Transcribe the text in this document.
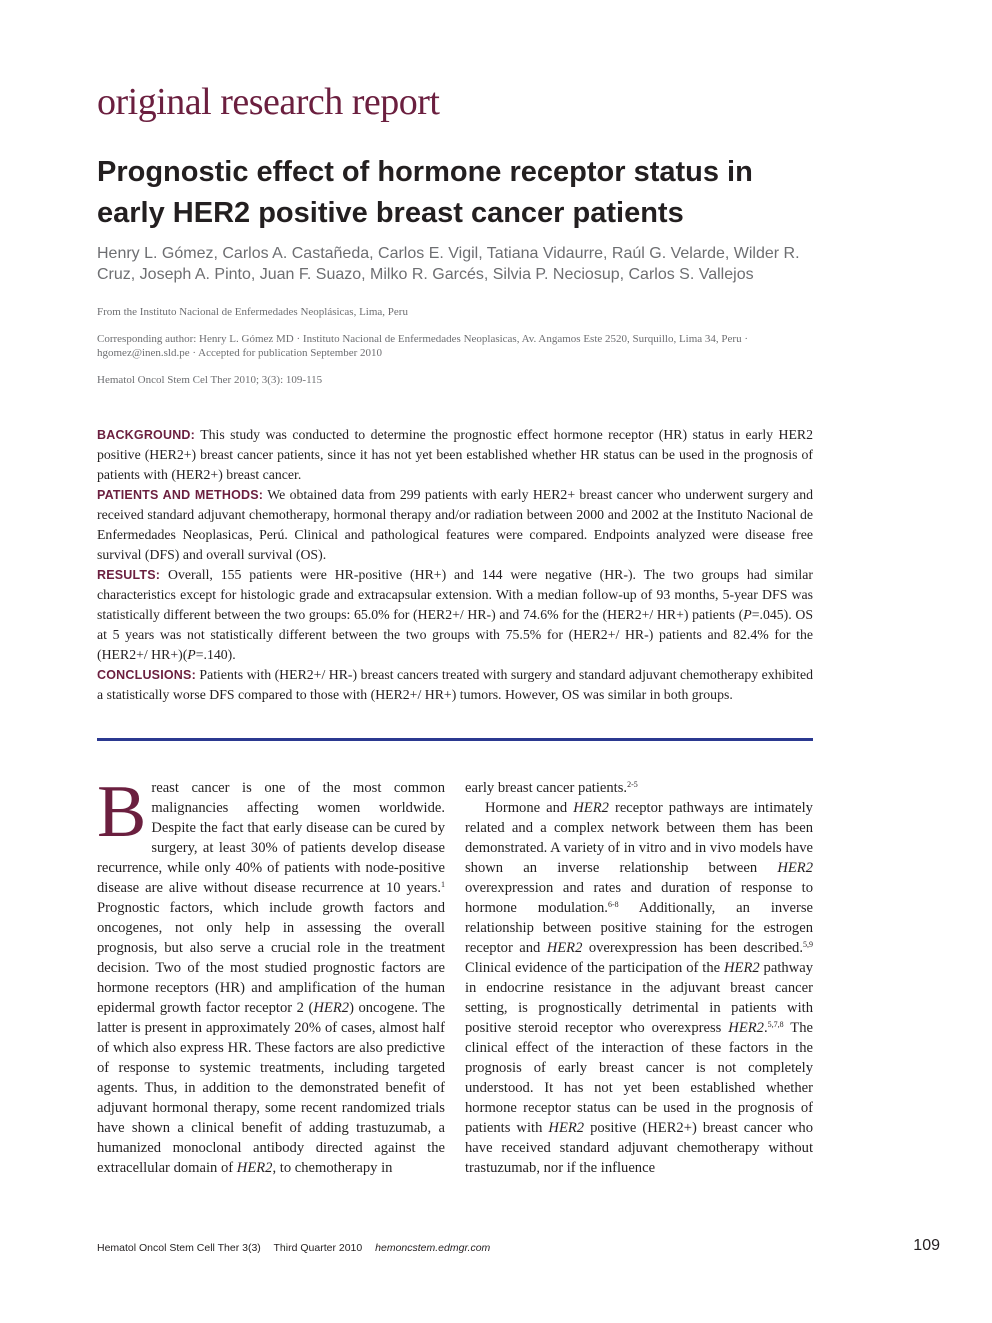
original research report
Prognostic effect of hormone receptor status in early HER2 positive breast cancer patients
Henry L. Gómez, Carlos A. Castañeda, Carlos E. Vigil, Tatiana Vidaurre, Raúl G. Velarde, Wilder R. Cruz, Joseph A. Pinto, Juan F. Suazo, Milko R. Garcés, Silvia P. Neciosup, Carlos S. Vallejos
From the Instituto Nacional de Enfermedades Neoplásicas, Lima, Peru
Corresponding author: Henry L. Gómez MD · Instituto Nacional de Enfermedades Neoplasicas, Av. Angamos Este 2520, Surquillo, Lima 34, Peru · hgomez@inen.sld.pe · Accepted for publication September 2010
Hematol Oncol Stem Cel Ther 2010; 3(3): 109-115

BACKGROUND: This study was conducted to determine the prognostic effect hormone receptor (HR) status in early HER2 positive (HER2+) breast cancer patients, since it has not yet been established whether HR status can be used in the prognosis of patients with (HER2+) breast cancer.

PATIENTS AND METHODS: We obtained data from 299 patients with early HER2+ breast cancer who underwent surgery and received standard adjuvant chemotherapy, hormonal therapy and/or radiation between 2000 and 2002 at the Instituto Nacional de Enfermedades Neoplasicas, Perú. Clinical and pathological features were compared. Endpoints analyzed were disease free survival (DFS) and overall survival (OS).

RESULTS: Overall, 155 patients were HR-positive (HR+) and 144 were negative (HR-). The two groups had similar characteristics except for histologic grade and extracapsular extension. With a median follow-up of 93 months, 5-year DFS was statistically different between the two groups: 65.0% for (HER2+/ HR-) and 74.6% for the (HER2+/ HR+) patients (P=.045). OS at 5 years was not statistically different between the two groups with 75.5% for (HER2+/ HR-) patients and 82.4% for the (HER2+/ HR+)(P=.140).

CONCLUSIONS: Patients with (HER2+/ HR-) breast cancers treated with surgery and standard adjuvant chemotherapy exhibited a statistically worse DFS compared to those with (HER2+/ HR+) tumors. However, OS was similar in both groups.

Breast cancer is one of the most common malignancies affecting women worldwide. Despite the fact that early disease can be cured by surgery, at least 30% of patients develop disease recurrence, while only 40% of patients with node-positive disease are alive without disease recurrence at 10 years.$^1$ Prognostic factors, which include growth factors and oncogenes, not only help in assessing the overall prognosis, but also serve a crucial role in the treatment decision. Two of the most studied prognostic factors are hormone receptors (HR) and amplification of the human epidermal growth factor receptor 2 (HER2) oncogene. The latter is present in approximately 20% of cases, almost half of which also express HR. These factors are also predictive of response to systemic treatments, including targeted agents. Thus, in addition to the demonstrated benefit of adjuvant hormonal therapy, some recent randomized trials have shown a clinical benefit of adding trastuzumab, a humanized monoclonal antibody directed against the extracellular domain of HER2, to chemotherapy in

early breast cancer patients.$^{2-5}$

Hormone and HER2 receptor pathways are intimately related and a complex network between them has been demonstrated. A variety of in vitro and in vivo models have shown an inverse relationship between HER2 overexpression and rates and duration of response to hormone modulation.$^{6-8}$ Additionally, an inverse relationship between positive staining for the estrogen receptor and HER2 overexpression has been described.$^{5,9}$ Clinical evidence of the participation of the HER2 pathway in endocrine resistance in the adjuvant breast cancer setting, is prognostically detrimental in patients with positive steroid receptor who overexpress HER2.$^{5,7,8}$ The clinical effect of the interaction of these factors in the prognosis of early breast cancer is not completely understood. It has not yet been established whether hormone receptor status can be used in the prognosis of patients with HER2 positive (HER2+) breast cancer who have received standard adjuvant chemotherapy without trastuzumab, nor if the influence

Hematol Oncol Stem Cell Ther 3(3) Third Quarter 2010 hemoncstem.edmgr.com	109
